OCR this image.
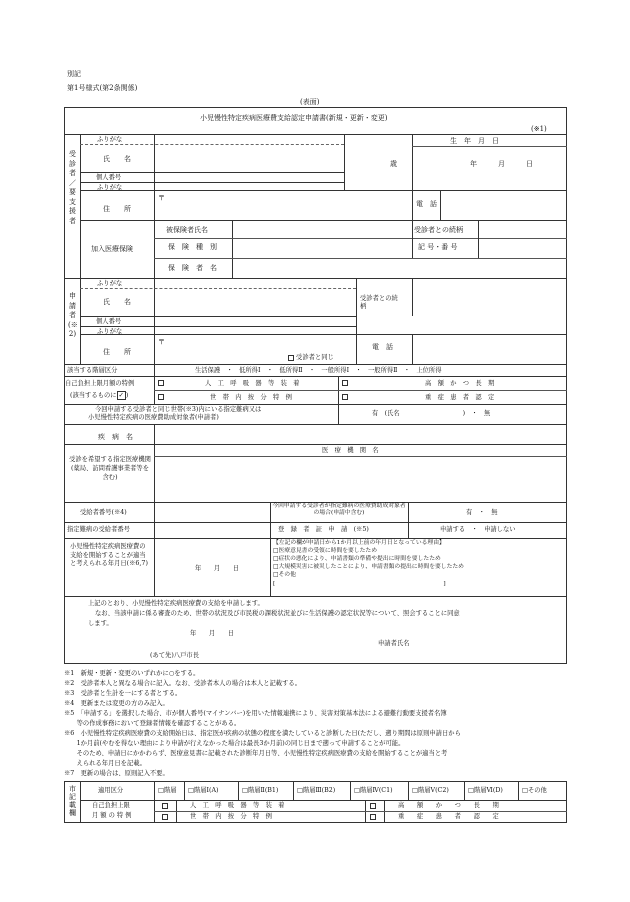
別記
第1号様式(第2条関係)
(表面)
小児慢性特定疾病医療費支給認定申請書(新規・更新・変更)
(※1)
受診者／要支援者
ふりがな
氏　　名
歳
生　年　月　日
年　　　月　　　日
個人番号
ふりがな
住　　所
〒
電　話
加入医療保険
被保険者氏名	受診者との続柄
保　険　種　別	記 号・番 号
保　険　者　名
申請者(※2)
ふりがな
氏　　名	受診者との続　柄
個人番号
ふりがな
住　　所
〒
受診者と同じ
電　話
該当する階層区分	生活保護　・　低所得Ⅰ　・　低所得Ⅱ　・　一般所得Ⅰ　・　一般所得Ⅱ　・　上位所得
自己負担上限月額の特例
(該当するものに ✓ )
人　工　呼　吸　器　等　装　着	高　額　か　つ　長　期
世　帯　内　按　分　特　例	重　症　患　者　認　定
今回申請する受診者と同じ世帯(※3)内にいる指定難病又は
小児慢性特定疾病の医療費助成対象者(申請者)
有　(氏名　　　　　　　　　　)　・　無
疾　病　名
受診を希望する指定医療機関(薬局、訪問看護事業者等を含む)
医　療　機　関　名
受給者番号(※4)
今回申請する受診者が指定難病の医療費助成対象者の場合(申請中含む)	有　・　無
指定難病の受給者番号	登　録　者　証　申　請　(※5)	申請する　・　申請しない
小児慢性特定疾病医療費の支給を開始することが適当と考えられる年月日(※6,7)
年　　月　　日
【左記の欄が申請日から1か月以上前の年月日となっている理由】
□医療意見書の受領に時間を要したため
□症状の悪化により、申請書類の準備や提出に時間を要したため
□大規模災害に被災したことにより、申請書類の提出に時間を要したため
□その他
[　　　　　　　　　　　　　　　　　　　　　　　　　　　　　]
上記のとおり、小児慢性特定疾病医療費の支給を申請します。
なお、当該申請に係る審査のため、世帯の状況及び市民税の課税状況並びに生活保護の認定状況等について、照会することに同意
します。
年　　月　　日
申請者氏名
(あて先)八戸市長
※1　新規・更新・変更のいずれかに○をする。
※2　受診者本人と異なる場合に記入。なお、受診者本人の場合は本人と記載する。
※3　受診者と生計を一にする者とする。
※4　更新または変更の方のみ記入。
※5　「申請する」を選択した場合、市が個人番号(マイナンバー)を用いた情報連携により、災害対策基本法による避難行動要支援者名簿
　　等の作成事務において登録者情報を確認することがある。
※6　小児慢性特定疾病医療費の支給開始日は、指定医が疾病の状態の程度を満たしていると診断した日(ただし、遡り期間は原則申請日から
　　1か月前(やむを得ない理由により申請が行えなかった場合は最長3か月前)の同じ日まで遡って申請することが可能。
　　そのため、申請日にかかわらず、医療意見書に記載された診断年月日等、小児慢性特定疾病医療費の支給を開始することが適当と考
　　えられる年月日を記載。
※7　更新の場合は、原則記入不要。
市記載欄
適用区分	□階層 □階層Ⅰ(A)	□階層Ⅱ(B1)	□階層Ⅲ(B2)	□階層Ⅳ(C1)	□階層Ⅴ(C2)	□階層Ⅵ(D)	□その他
自己負担上限
月 額 の 特 例
人　工　呼　吸　器　等　装　着	高　　額　　か　　つ　　長　　期
世　帯　内　按　分　特　例	重　　症　　患　　者　　認　　定
